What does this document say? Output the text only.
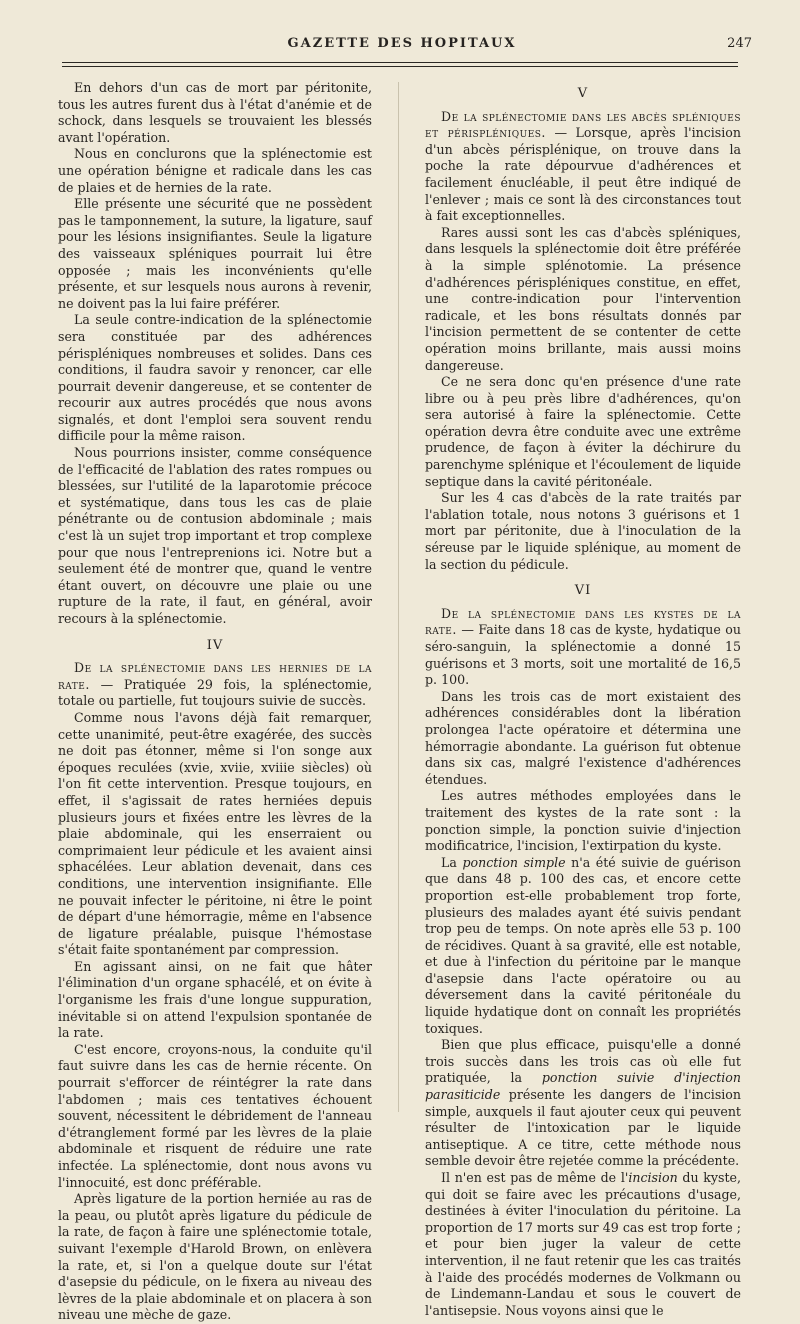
GAZETTE DES HOPITAUX	247

En dehors d'un cas de mort par péritonite, tous les autres furent dus à l'état d'anémie et de schock, dans lesquels se trouvaient les blessés avant l'opération.

Nous en conclurons que la splénectomie est une opération bénigne et radicale dans les cas de plaies et de hernies de la rate.

Elle présente une sécurité que ne possèdent pas le tamponnement, la suture, la ligature, sauf pour les lésions insignifiantes. Seule la ligature des vaisseaux spléniques pourrait lui être opposée ; mais les inconvénients qu'elle présente, et sur lesquels nous aurons à revenir, ne doivent pas la lui faire préférer.

La seule contre-indication de la splénectomie sera constituée par des adhérences périspléniques nombreuses et solides. Dans ces conditions, il faudra savoir y renoncer, car elle pourrait devenir dangereuse, et se contenter de recourir aux autres procédés que nous avons signalés, et dont l'emploi sera souvent rendu difficile pour la même raison.

Nous pourrions insister, comme conséquence de l'efficacité de l'ablation des rates rompues ou blessées, sur l'utilité de la laparotomie précoce et systématique, dans tous les cas de plaie pénétrante ou de contusion abdominale ; mais c'est là un sujet trop important et trop complexe pour que nous l'entreprenions ici. Notre but a seulement été de montrer que, quand le ventre étant ouvert, on découvre une plaie ou une rupture de la rate, il faut, en général, avoir recours à la splénectomie.

IV

De la splénectomie dans les hernies de la rate. — Pratiquée 29 fois, la splénectomie, totale ou partielle, fut toujours suivie de succès.

Comme nous l'avons déjà fait remarquer, cette unanimité, peut-être exagérée, des succès ne doit pas étonner, même si l'on songe aux époques reculées (xvie, xviie, xviiie siècles) où l'on fit cette intervention. Presque toujours, en effet, il s'agissait de rates herniées depuis plusieurs jours et fixées entre les lèvres de la plaie abdominale, qui les enserraient ou comprimaient leur pédicule et les avaient ainsi sphacélées. Leur ablation devenait, dans ces conditions, une intervention insignifiante. Elle ne pouvait infecter le péritoine, ni être le point de départ d'une hémorragie, même en l'absence de ligature préalable, puisque l'hémostase s'était faite spontanément par compression.

En agissant ainsi, on ne fait que hâter l'élimination d'un organe sphacélé, et on évite à l'organisme les frais d'une longue suppuration, inévitable si on attend l'expulsion spontanée de la rate.

C'est encore, croyons-nous, la conduite qu'il faut suivre dans les cas de hernie récente. On pourrait s'efforcer de réintégrer la rate dans l'abdomen ; mais ces tentatives échouent souvent, nécessitent le débridement de l'anneau d'étranglement formé par les lèvres de la plaie abdominale et risquent de réduire une rate infectée. La splénectomie, dont nous avons vu l'innocuité, est donc préférable.

Après ligature de la portion herniée au ras de la peau, ou plutôt après ligature du pédicule de la rate, de façon à faire une splénectomie totale, suivant l'exemple d'Harold Brown, on enlèvera la rate, et, si l'on a quelque doute sur l'état d'asepsie du pédicule, on le fixera au niveau des lèvres de la plaie abdominale et on placera à son niveau une mèche de gaze.

V

De la splénectomie dans les abcès spléniques et périspléniques. — Lorsque, après l'incision d'un abcès périsplénique, on trouve dans la poche la rate dépourvue d'adhérences et facilement énucléable, il peut être indiqué de l'enlever ; mais ce sont là des circonstances tout à fait exceptionnelles.

Rares aussi sont les cas d'abcès spléniques, dans lesquels la splénectomie doit être préférée à la simple splénotomie. La présence d'adhérences périspléniques constitue, en effet, une contre-indication pour l'intervention radicale, et les bons résultats donnés par l'incision permettent de se contenter de cette opération moins brillante, mais aussi moins dangereuse.

Ce ne sera donc qu'en présence d'une rate libre ou à peu près libre d'adhérences, qu'on sera autorisé à faire la splénectomie. Cette opération devra être conduite avec une extrême prudence, de façon à éviter la déchirure du parenchyme splénique et l'écoulement de liquide septique dans la cavité péritonéale.

Sur les 4 cas d'abcès de la rate traités par l'ablation totale, nous notons 3 guérisons et 1 mort par péritonite, due à l'inoculation de la séreuse par le liquide splénique, au moment de la section du pédicule.

VI

De la splénectomie dans les kystes de la rate. — Faite dans 18 cas de kyste, hydatique ou séro-sanguin, la splénectomie a donné 15 guérisons et 3 morts, soit une mortalité de 16,5 p. 100.

Dans les trois cas de mort existaient des adhérences considérables dont la libération prolongea l'acte opératoire et détermina une hémorragie abondante. La guérison fut obtenue dans six cas, malgré l'existence d'adhérences étendues.

Les autres méthodes employées dans le traitement des kystes de la rate sont : la ponction simple, la ponction suivie d'injection modificatrice, l'incision, l'extirpation du kyste.

La ponction simple n'a été suivie de guérison que dans 48 p. 100 des cas, et encore cette proportion est-elle probablement trop forte, plusieurs des malades ayant été suivis pendant trop peu de temps. On note après elle 53 p. 100 de récidives. Quant à sa gravité, elle est notable, et due à l'infection du péritoine par le manque d'asepsie dans l'acte opératoire ou au déversement dans la cavité péritonéale du liquide hydatique dont on connaît les propriétés toxiques.

Bien que plus efficace, puisqu'elle a donné trois succès dans les trois cas où elle fut pratiquée, la ponction suivie d'injection parasiticide présente les dangers de l'incision simple, auxquels il faut ajouter ceux qui peuvent résulter de l'intoxication par le liquide antiseptique. A ce titre, cette méthode nous semble devoir être rejetée comme la précédente.

Il n'en est pas de même de l'incision du kyste, qui doit se faire avec les précautions d'usage, destinées à éviter l'inoculation du péritoine. La proportion de 17 morts sur 49 cas est trop forte ; et pour bien juger la valeur de cette intervention, il ne faut retenir que les cas traités à l'aide des procédés modernes de Volkmann ou de Lindemann-Landau et sous le couvert de l'antisepsie. Nous voyons ainsi que le
